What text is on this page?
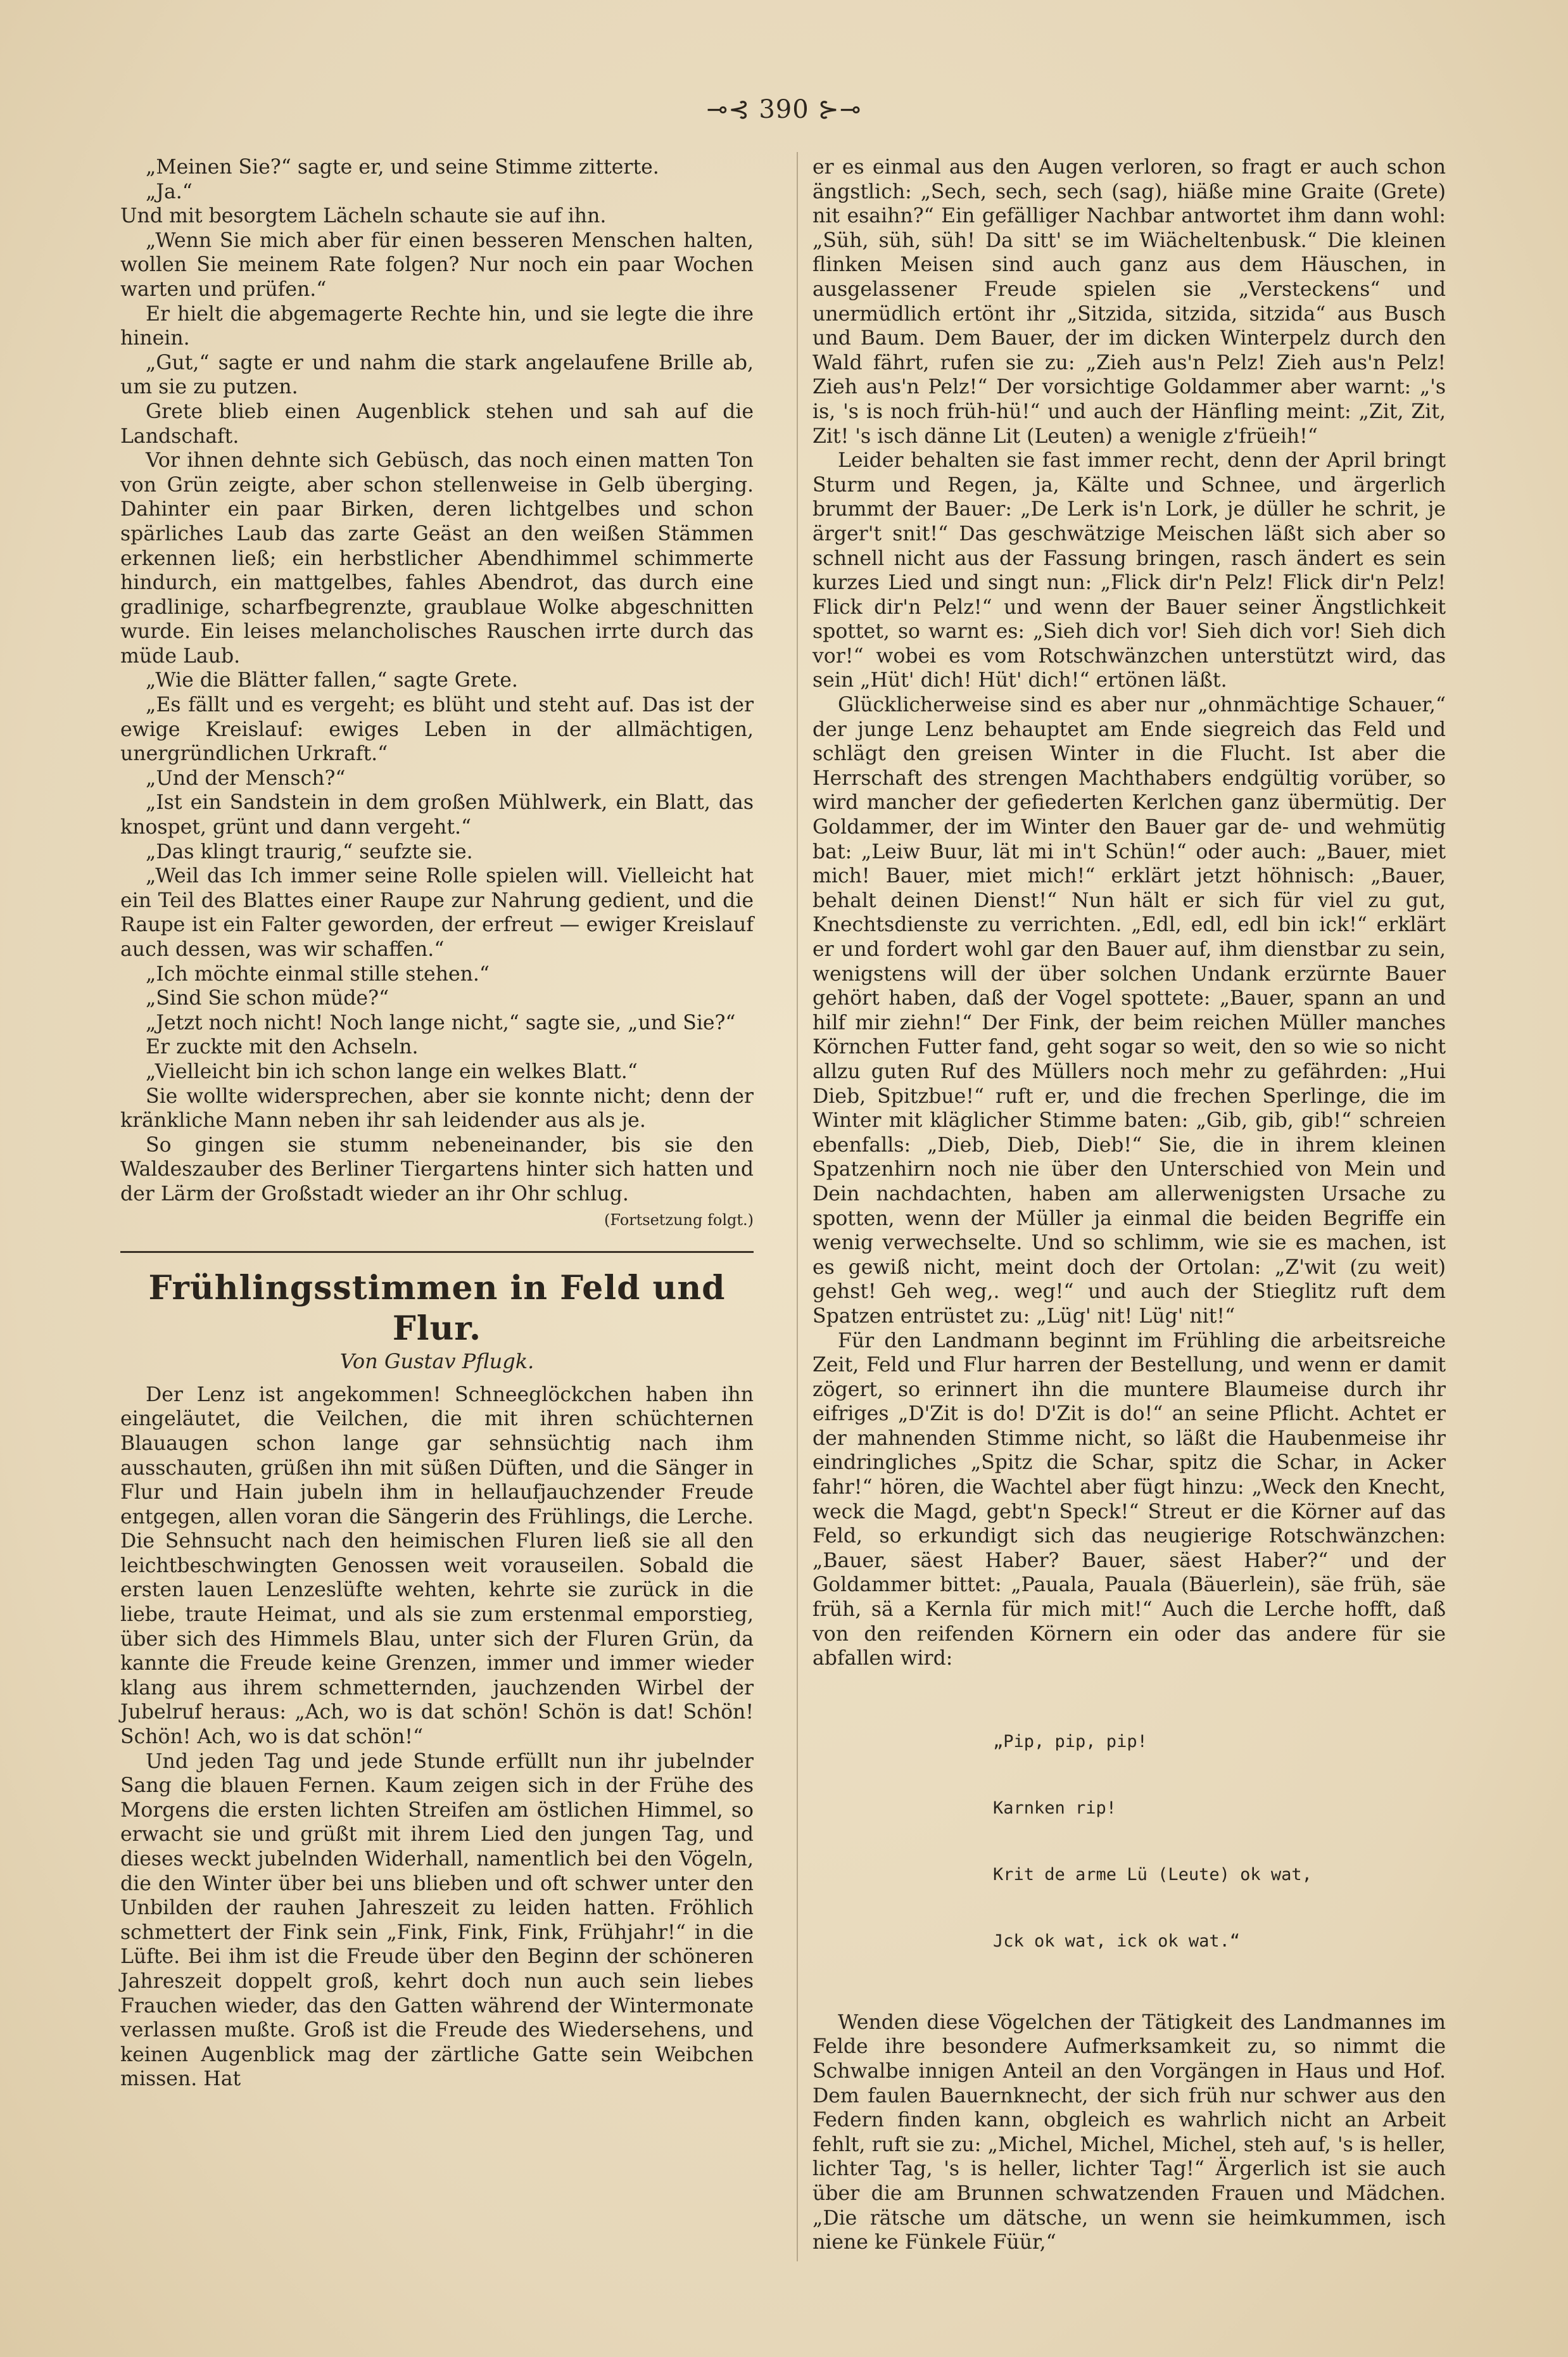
⊸⊰ 390 ⊱⊸

„Meinen Sie?“ sagte er, und seine Stimme zitterte.

„Ja.“

Und mit besorgtem Lächeln schaute sie auf ihn.

„Wenn Sie mich aber für einen besseren Menschen halten, wollen Sie meinem Rate folgen? Nur noch ein paar Wochen warten und prüfen.“

Er hielt die abgemagerte Rechte hin, und sie legte die ihre hinein.

„Gut,“ sagte er und nahm die stark angelaufene Brille ab, um sie zu putzen.

Grete blieb einen Augenblick stehen und sah auf die Landschaft.

Vor ihnen dehnte sich Gebüsch, das noch einen matten Ton von Grün zeigte, aber schon stellenweise in Gelb überging. Dahinter ein paar Birken, deren lichtgelbes und schon spärliches Laub das zarte Geäst an den weißen Stämmen erkennen ließ; ein herbstlicher Abendhimmel schimmerte hindurch, ein mattgelbes, fahles Abendrot, das durch eine gradlinige, scharfbegrenzte, graublaue Wolke abgeschnitten wurde. Ein leises melancholisches Rauschen irrte durch das müde Laub.

„Wie die Blätter fallen,“ sagte Grete.

„Es fällt und es vergeht; es blüht und steht auf. Das ist der ewige Kreislauf: ewiges Leben in der allmächtigen, unergründlichen Urkraft.“

„Und der Mensch?“

„Ist ein Sandstein in dem großen Mühlwerk, ein Blatt, das knospet, grünt und dann vergeht.“

„Das klingt traurig,“ seufzte sie.

„Weil das Ich immer seine Rolle spielen will. Vielleicht hat ein Teil des Blattes einer Raupe zur Nahrung gedient, und die Raupe ist ein Falter geworden, der erfreut — ewiger Kreislauf auch dessen, was wir schaffen.“

„Ich möchte einmal stille stehen.“

„Sind Sie schon müde?“

„Jetzt noch nicht! Noch lange nicht,“ sagte sie, „und Sie?“

Er zuckte mit den Achseln.

„Vielleicht bin ich schon lange ein welkes Blatt.“

Sie wollte widersprechen, aber sie konnte nicht; denn der kränkliche Mann neben ihr sah leidender aus als je.

So gingen sie stumm nebeneinander, bis sie den Waldeszauber des Berliner Tiergartens hinter sich hatten und der Lärm der Großstadt wieder an ihr Ohr schlug.

(Fortsetzung folgt.)
Frühlingsstimmen in Feld und Flur.
Von Gustav Pflugk.

Der Lenz ist angekommen! Schneeglöckchen haben ihn eingeläutet, die Veilchen, die mit ihren schüchternen Blauaugen schon lange gar sehnsüchtig nach ihm ausschauten, grüßen ihn mit süßen Düften, und die Sänger in Flur und Hain jubeln ihm in hellaufjauchzender Freude entgegen, allen voran die Sängerin des Frühlings, die Lerche. Die Sehnsucht nach den heimischen Fluren ließ sie all den leichtbeschwingten Genossen weit vorauseilen. Sobald die ersten lauen Lenzeslüfte wehten, kehrte sie zurück in die liebe, traute Heimat, und als sie zum erstenmal emporstieg, über sich des Himmels Blau, unter sich der Fluren Grün, da kannte die Freude keine Grenzen, immer und immer wieder klang aus ihrem schmetternden, jauchzenden Wirbel der Jubelruf heraus: „Ach, wo is dat schön! Schön is dat! Schön! Schön! Ach, wo is dat schön!“

Und jeden Tag und jede Stunde erfüllt nun ihr jubelnder Sang die blauen Fernen. Kaum zeigen sich in der Frühe des Morgens die ersten lichten Streifen am östlichen Himmel, so erwacht sie und grüßt mit ihrem Lied den jungen Tag, und dieses weckt jubelnden Widerhall, namentlich bei den Vögeln, die den Winter über bei uns blieben und oft schwer unter den Unbilden der rauhen Jahreszeit zu leiden hatten. Fröhlich schmettert der Fink sein „Fink, Fink, Fink, Frühjahr!“ in die Lüfte. Bei ihm ist die Freude über den Beginn der schöneren Jahreszeit doppelt groß, kehrt doch nun auch sein liebes Frauchen wieder, das den Gatten während der Wintermonate verlassen mußte. Groß ist die Freude des Wiedersehens, und keinen Augenblick mag der zärtliche Gatte sein Weibchen missen. Hat

er es einmal aus den Augen verloren, so fragt er auch schon ängstlich: „Sech, sech, sech (sag), hiäße mine Graite (Grete) nit esaihn?“ Ein gefälliger Nachbar antwortet ihm dann wohl: „Süh, süh, süh! Da sitt' se im Wiächeltenbusk.“ Die kleinen flinken Meisen sind auch ganz aus dem Häuschen, in ausgelassener Freude spielen sie „Versteckens“ und unermüdlich ertönt ihr „Sitzida, sitzida, sitzida“ aus Busch und Baum. Dem Bauer, der im dicken Winterpelz durch den Wald fährt, rufen sie zu: „Zieh aus'n Pelz! Zieh aus'n Pelz! Zieh aus'n Pelz!“ Der vorsichtige Goldammer aber warnt: „'s is, 's is noch früh-hü!“ und auch der Hänfling meint: „Zit, Zit, Zit! 's isch dänne Lit (Leuten) a wenigle z'früeih!“

Leider behalten sie fast immer recht, denn der April bringt Sturm und Regen, ja, Kälte und Schnee, und ärgerlich brummt der Bauer: „De Lerk is'n Lork, je düller he schrit, je ärger't snit!“ Das geschwätzige Meischen läßt sich aber so schnell nicht aus der Fassung bringen, rasch ändert es sein kurzes Lied und singt nun: „Flick dir'n Pelz! Flick dir'n Pelz! Flick dir'n Pelz!“ und wenn der Bauer seiner Ängstlichkeit spottet, so warnt es: „Sieh dich vor! Sieh dich vor! Sieh dich vor!“ wobei es vom Rotschwänzchen unterstützt wird, das sein „Hüt' dich! Hüt' dich!“ ertönen läßt.

Glücklicherweise sind es aber nur „ohnmächtige Schauer,“ der junge Lenz behauptet am Ende siegreich das Feld und schlägt den greisen Winter in die Flucht. Ist aber die Herrschaft des strengen Machthabers endgültig vorüber, so wird mancher der gefiederten Kerlchen ganz übermütig. Der Goldammer, der im Winter den Bauer gar de- und wehmütig bat: „Leiw Buur, lät mi in't Schün!“ oder auch: „Bauer, miet mich! Bauer, miet mich!“ erklärt jetzt höhnisch: „Bauer, behalt deinen Dienst!“ Nun hält er sich für viel zu gut, Knechtsdienste zu verrichten. „Edl, edl, edl bin ick!“ erklärt er und fordert wohl gar den Bauer auf, ihm dienstbar zu sein, wenigstens will der über solchen Undank erzürnte Bauer gehört haben, daß der Vogel spottete: „Bauer, spann an und hilf mir ziehn!“ Der Fink, der beim reichen Müller manches Körnchen Futter fand, geht sogar so weit, den so wie so nicht allzu guten Ruf des Müllers noch mehr zu gefährden: „Hui Dieb, Spitzbue!“ ruft er, und die frechen Sperlinge, die im Winter mit kläglicher Stimme baten: „Gib, gib, gib!“ schreien ebenfalls: „Dieb, Dieb, Dieb!“ Sie, die in ihrem kleinen Spatzenhirn noch nie über den Unterschied von Mein und Dein nachdachten, haben am allerwenigsten Ursache zu spotten, wenn der Müller ja einmal die beiden Begriffe ein wenig verwechselte. Und so schlimm, wie sie es machen, ist es gewiß nicht, meint doch der Ortolan: „Z'wit (zu weit) gehst! Geh weg,. weg!“ und auch der Stieglitz ruft dem Spatzen entrüstet zu: „Lüg' nit! Lüg' nit!“

Für den Landmann beginnt im Frühling die arbeitsreiche Zeit, Feld und Flur harren der Bestellung, und wenn er damit zögert, so erinnert ihn die muntere Blaumeise durch ihr eifriges „D'Zit is do! D'Zit is do!“ an seine Pflicht. Achtet er der mahnenden Stimme nicht, so läßt die Haubenmeise ihr eindringliches „Spitz die Schar, spitz die Schar, in Acker fahr!“ hören, die Wachtel aber fügt hinzu: „Weck den Knecht, weck die Magd, gebt'n Speck!“ Streut er die Körner auf das Feld, so erkundigt sich das neugierige Rotschwänzchen: „Bauer, säest Haber? Bauer, säest Haber?“ und der Goldammer bittet: „Pauala, Pauala (Bäuerlein), säe früh, säe früh, sä a Kernla für mich mit!“ Auch die Lerche hofft, daß von den reifenden Körnern ein oder das andere für sie abfallen wird:

„Pip, pip, pip!

Karnken rip!

Krit de arme Lü (Leute) ok wat,

Jck ok wat, ick ok wat.“

Wenden diese Vögelchen der Tätigkeit des Landmannes im Felde ihre besondere Aufmerksamkeit zu, so nimmt die Schwalbe innigen Anteil an den Vorgängen in Haus und Hof. Dem faulen Bauernknecht, der sich früh nur schwer aus den Federn finden kann, obgleich es wahrlich nicht an Arbeit fehlt, ruft sie zu: „Michel, Michel, Michel, steh auf, 's is heller, lichter Tag, 's is heller, lichter Tag!“ Ärgerlich ist sie auch über die am Brunnen schwatzenden Frauen und Mädchen. „Die rätsche um dätsche, un wenn sie heimkummen, isch niene ke Fünkele Füür,“
